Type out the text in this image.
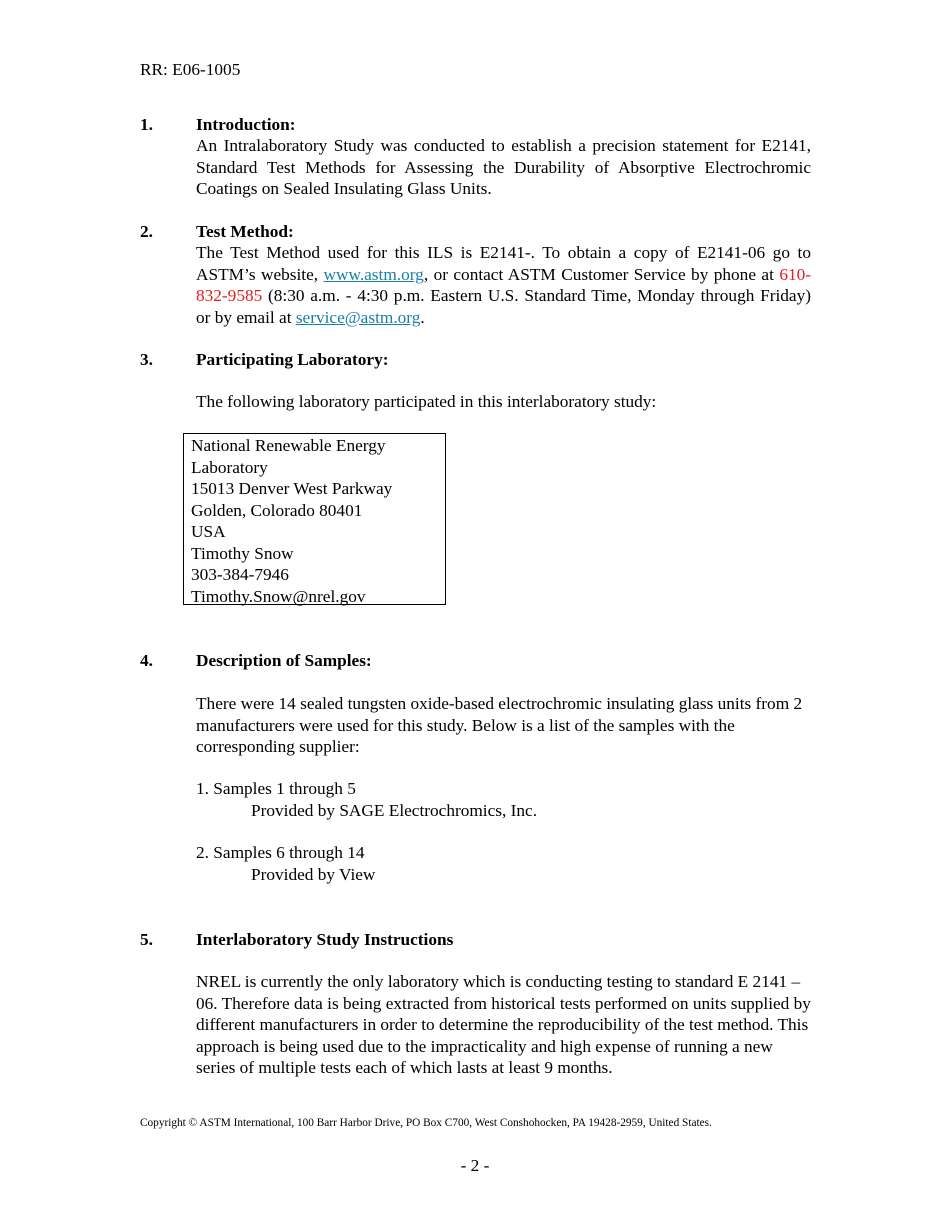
RR: E06-1005
1. Introduction:

An Intralaboratory Study was conducted to establish a precision statement for E2141, Standard Test Methods for Assessing the Durability of Absorptive Electrochromic Coatings on Sealed Insulating Glass Units.

2. Test Method:

The Test Method used for this ILS is E2141-. To obtain a copy of E2141-06 go to ASTM’s website, www.astm.org, or contact ASTM Customer Service by phone at 610-832-9585 (8:30 a.m. - 4:30 p.m. Eastern U.S. Standard Time, Monday through Friday) or by email at service@astm.org.

3. Participating Laboratory:

The following laboratory participated in this interlaboratory study:

National Renewable Energy
Laboratory
15013 Denver West Parkway
Golden, Colorado 80401
USA
Timothy Snow
303-384-7946
Timothy.Snow@nrel.gov
4. Description of Samples:

There were 14 sealed tungsten oxide-based electrochromic insulating glass units from 2 manufacturers were used for this study. Below is a list of the samples with the corresponding supplier:

1. Samples 1 through 5
Provided by SAGE Electrochromics, Inc.
2. Samples 6 through 14
Provided by View
5. Interlaboratory Study Instructions

NREL is currently the only laboratory which is conducting testing to standard E 2141 – 06. Therefore data is being extracted from historical tests performed on units supplied by different manufacturers in order to determine the reproducibility of the test method. This approach is being used due to the impracticality and high expense of running a new series of multiple tests each of which lasts at least 9 months.

Copyright © ASTM International, 100 Barr Harbor Drive, PO Box C700, West Conshohocken, PA 19428-2959, United States.
- 2 -
